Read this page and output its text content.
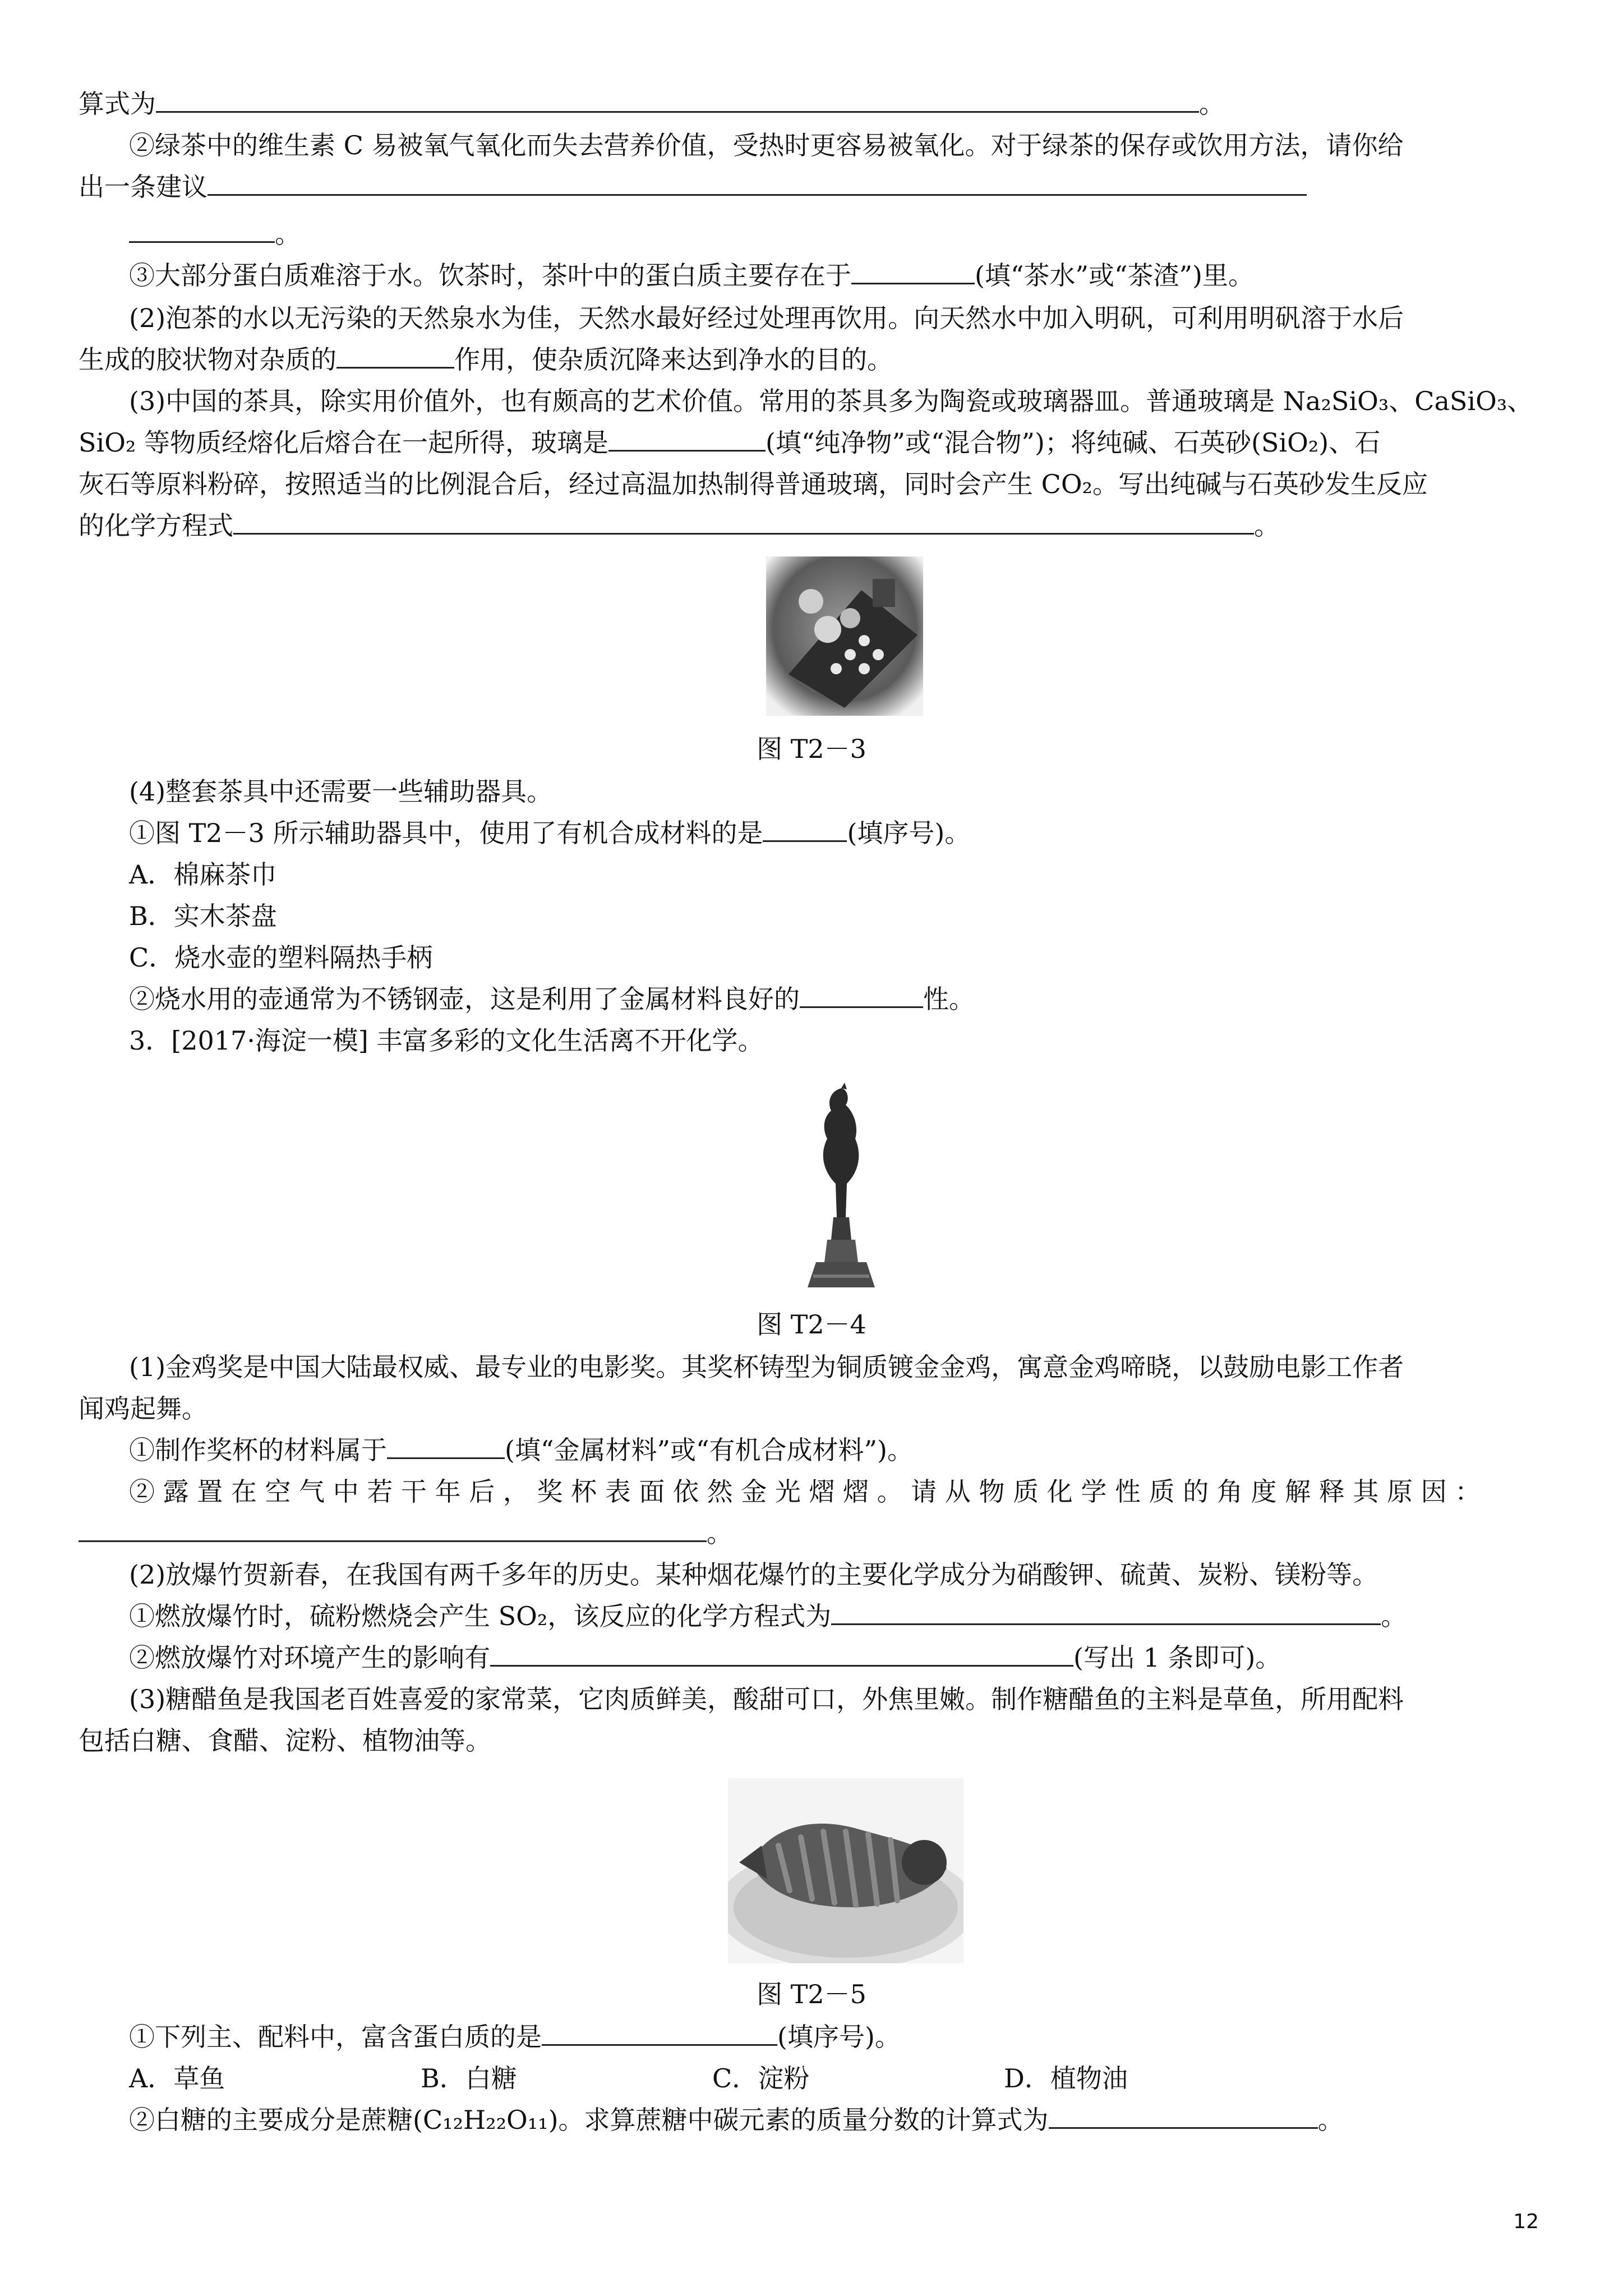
算式为	。
②绿茶中的维生素 C 易被氧气氧化而失去营养价值，受热时更容易被氧化。对于绿茶的保存或饮用方法，请你给
出一条建议
。
③大部分蛋白质难溶于水。饮茶时，茶叶中的蛋白质主要存在于	(填“茶水”或“茶渣”)里。
(2)泡茶的水以无污染的天然泉水为佳，天然水最好经过处理再饮用。向天然水中加入明矾，可利用明矾溶于水后
生成的胶状物对杂质的	作用，使杂质沉降来达到净水的目的。
(3)中国的茶具，除实用价值外，也有颇高的艺术价值。常用的茶具多为陶瓷或玻璃器皿。普通玻璃是 Na₂SiO₃、CaSiO₃、
SiO₂ 等物质经熔化后熔合在一起所得，玻璃是	(填“纯净物”或“混合物”)；将纯碱、石英砂(SiO₂)、石
灰石等原料粉碎，按照适当的比例混合后，经过高温加热制得普通玻璃，同时会产生 CO₂。写出纯碱与石英砂发生反应
的化学方程式	。
图 T2－3
(4)整套茶具中还需要一些辅助器具。
①图 T2－3 所示辅助器具中，使用了有机合成材料的是	(填序号)。
A．棉麻茶巾
B．实木茶盘
C．烧水壶的塑料隔热手柄
②烧水用的壶通常为不锈钢壶，这是利用了金属材料良好的	性。
3．[2017·海淀一模] 丰富多彩的文化生活离不开化学。
图 T2－4
(1)金鸡奖是中国大陆最权威、最专业的电影奖。其奖杯铸型为铜质镀金金鸡，寓意金鸡啼晓，以鼓励电影工作者
闻鸡起舞。
①制作奖杯的材料属于	(填“金属材料”或“有机合成材料”)。
② 露 置 在 空 气 中 若 干 年 后 ， 奖 杯 表 面 依 然 金 光 熠 熠 。 请 从 物 质 化 学 性 质 的 角 度 解 释 其 原 因 ：
。
(2)放爆竹贺新春，在我国有两千多年的历史。某种烟花爆竹的主要化学成分为硝酸钾、硫黄、炭粉、镁粉等。
①燃放爆竹时，硫粉燃烧会产生 SO₂，该反应的化学方程式为	。
②燃放爆竹对环境产生的影响有	(写出 1 条即可)。
(3)糖醋鱼是我国老百姓喜爱的家常菜，它肉质鲜美，酸甜可口，外焦里嫩。制作糖醋鱼的主料是草鱼，所用配料
包括白糖、食醋、淀粉、植物油等。
图 T2－5
①下列主、配料中，富含蛋白质的是	(填序号)。
A．草鱼	B．白糖	C．淀粉	D．植物油
②白糖的主要成分是蔗糖(C₁₂H₂₂O₁₁)。求算蔗糖中碳元素的质量分数的计算式为	。
12
